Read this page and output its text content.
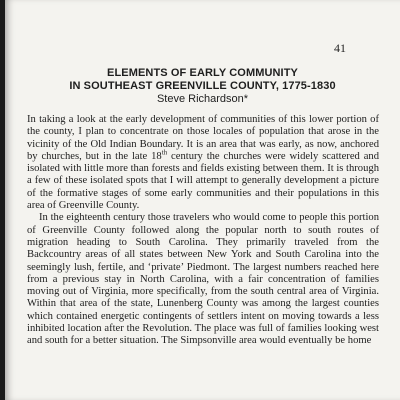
41
ELEMENTS OF EARLY COMMUNITY
IN SOUTHEAST GREENVILLE COUNTY, 1775-1830
Steve Richardson*

In taking a look at the early development of communities of this lower portion of the county, I plan to concentrate on those locales of population that arose in the vicinity of the Old Indian Boundary. It is an area that was early, as now, anchored by churches, but in the late 18th century the churches were widely scattered and isolated with little more than forests and fields existing between them. It is through a few of these isolated spots that I will attempt to generally development a picture of the formative stages of some early communities and their populations in this area of Greenville County.

In the eighteenth century those travelers who would come to people this portion of Greenville County followed along the popular north to south routes of migration heading to South Carolina. They primarily traveled from the Backcountry areas of all states between New York and South Carolina into the seemingly lush, fertile, and ‘private’ Piedmont. The largest numbers reached here from a previous stay in North Carolina, with a fair concentration of families moving out of Virginia, more specifically, from the south central area of Virginia. Within that area of the state, Lunenberg County was among the largest counties which contained energetic contingents of settlers intent on moving towards a less inhibited location after the Revolution. The place was full of families looking west and south for a better situation. The Simpsonville area would eventually be home
